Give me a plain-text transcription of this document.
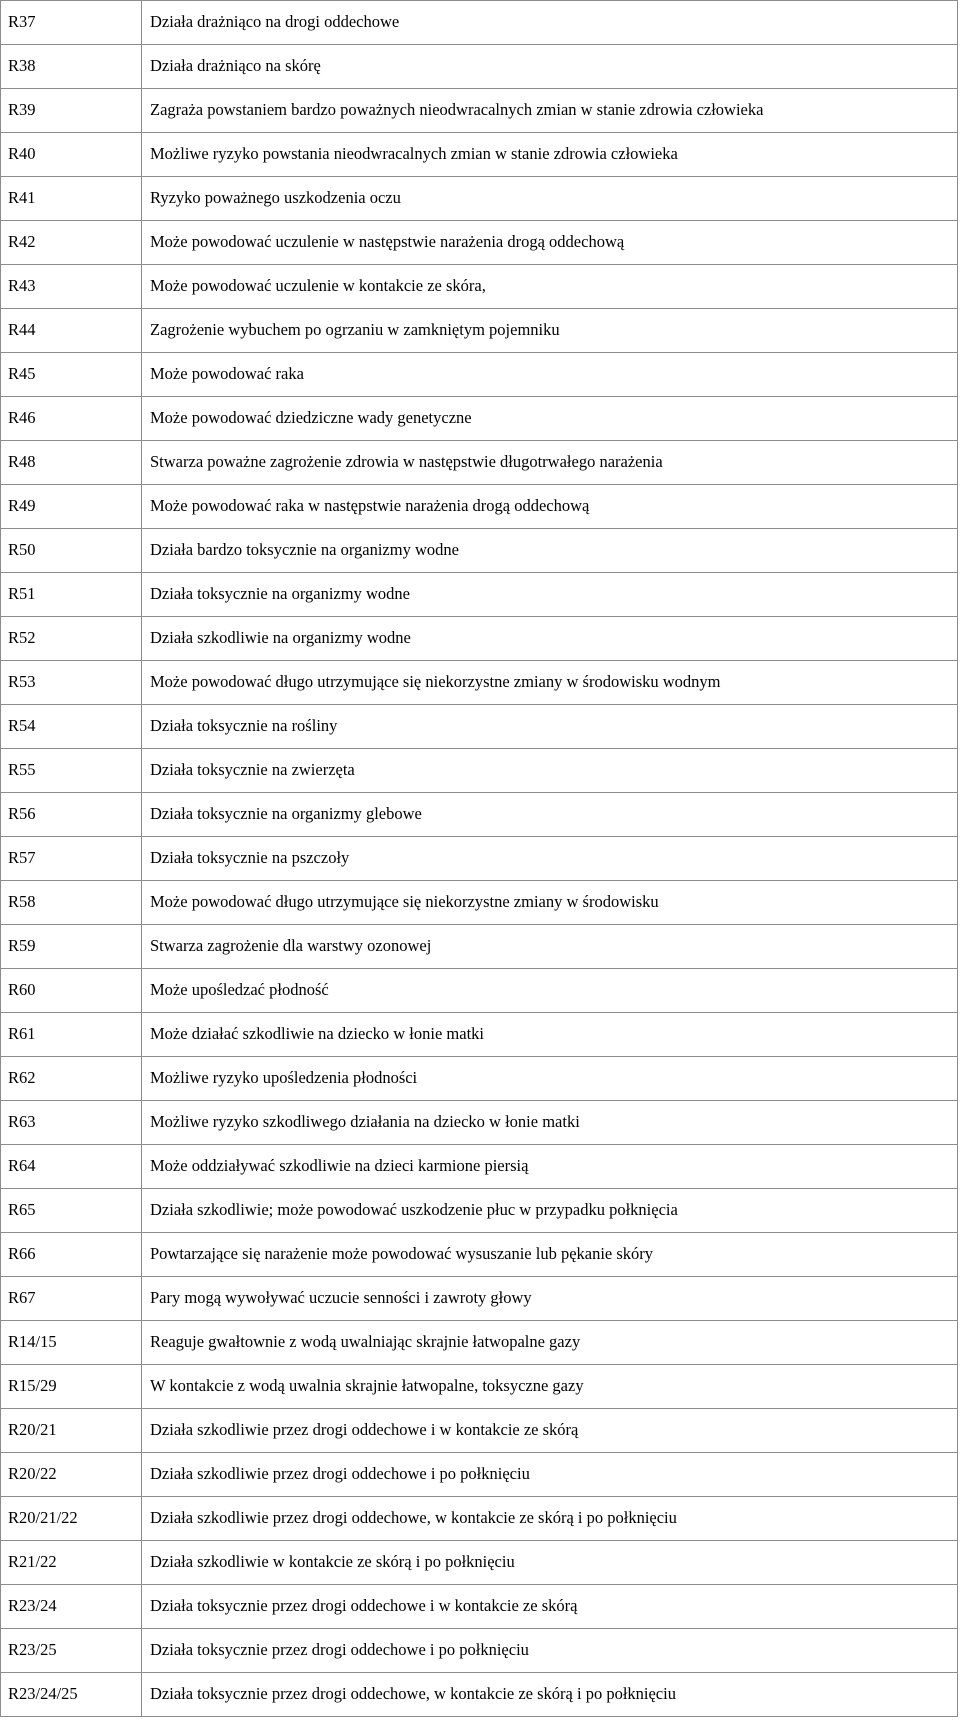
R37	Działa drażniąco na drogi oddechowe
R38	Działa drażniąco na skórę
R39	Zagraża powstaniem bardzo poważnych nieodwracalnych zmian w stanie zdrowia człowieka
R40	Możliwe ryzyko powstania nieodwracalnych zmian w stanie zdrowia człowieka
R41	Ryzyko poważnego uszkodzenia oczu
R42	Może powodować uczulenie w następstwie narażenia drogą oddechową
R43	Może powodować uczulenie w kontakcie ze skóra,
R44	Zagrożenie wybuchem po ogrzaniu w zamkniętym pojemniku
R45	Może powodować raka
R46	Może powodować dziedziczne wady genetyczne
R48	Stwarza poważne zagrożenie zdrowia w następstwie długotrwałego narażenia
R49	Może powodować raka w następstwie narażenia drogą oddechową
R50	Działa bardzo toksycznie na organizmy wodne
R51	Działa toksycznie na organizmy wodne
R52	Działa szkodliwie na organizmy wodne
R53	Może powodować długo utrzymujące się niekorzystne zmiany w środowisku wodnym
R54	Działa toksycznie na rośliny
R55	Działa toksycznie na zwierzęta
R56	Działa toksycznie na organizmy glebowe
R57	Działa toksycznie na pszczoły
R58	Może powodować długo utrzymujące się niekorzystne zmiany w środowisku
R59	Stwarza zagrożenie dla warstwy ozonowej
R60	Może upośledzać płodność
R61	Może działać szkodliwie na dziecko w łonie matki
R62	Możliwe ryzyko upośledzenia płodności
R63	Możliwe ryzyko szkodliwego działania na dziecko w łonie matki
R64	Może oddziaływać szkodliwie na dzieci karmione piersią
R65	Działa szkodliwie; może powodować uszkodzenie płuc w przypadku połknięcia
R66	Powtarzające się narażenie może powodować wysuszanie lub pękanie skóry
R67	Pary mogą wywoływać uczucie senności i zawroty głowy
R14/15	Reaguje gwałtownie z wodą uwalniając skrajnie łatwopalne gazy
R15/29	W kontakcie z wodą uwalnia skrajnie łatwopalne, toksyczne gazy
R20/21	Działa szkodliwie przez drogi oddechowe i w kontakcie ze skórą
R20/22	Działa szkodliwie przez drogi oddechowe i po połknięciu
R20/21/22	Działa szkodliwie przez drogi oddechowe, w kontakcie ze skórą i po połknięciu
R21/22	Działa szkodliwie w kontakcie ze skórą i po połknięciu
R23/24	Działa toksycznie przez drogi oddechowe i w kontakcie ze skórą
R23/25	Działa toksycznie przez drogi oddechowe i po połknięciu
R23/24/25	Działa toksycznie przez drogi oddechowe, w kontakcie ze skórą i po połknięciu
